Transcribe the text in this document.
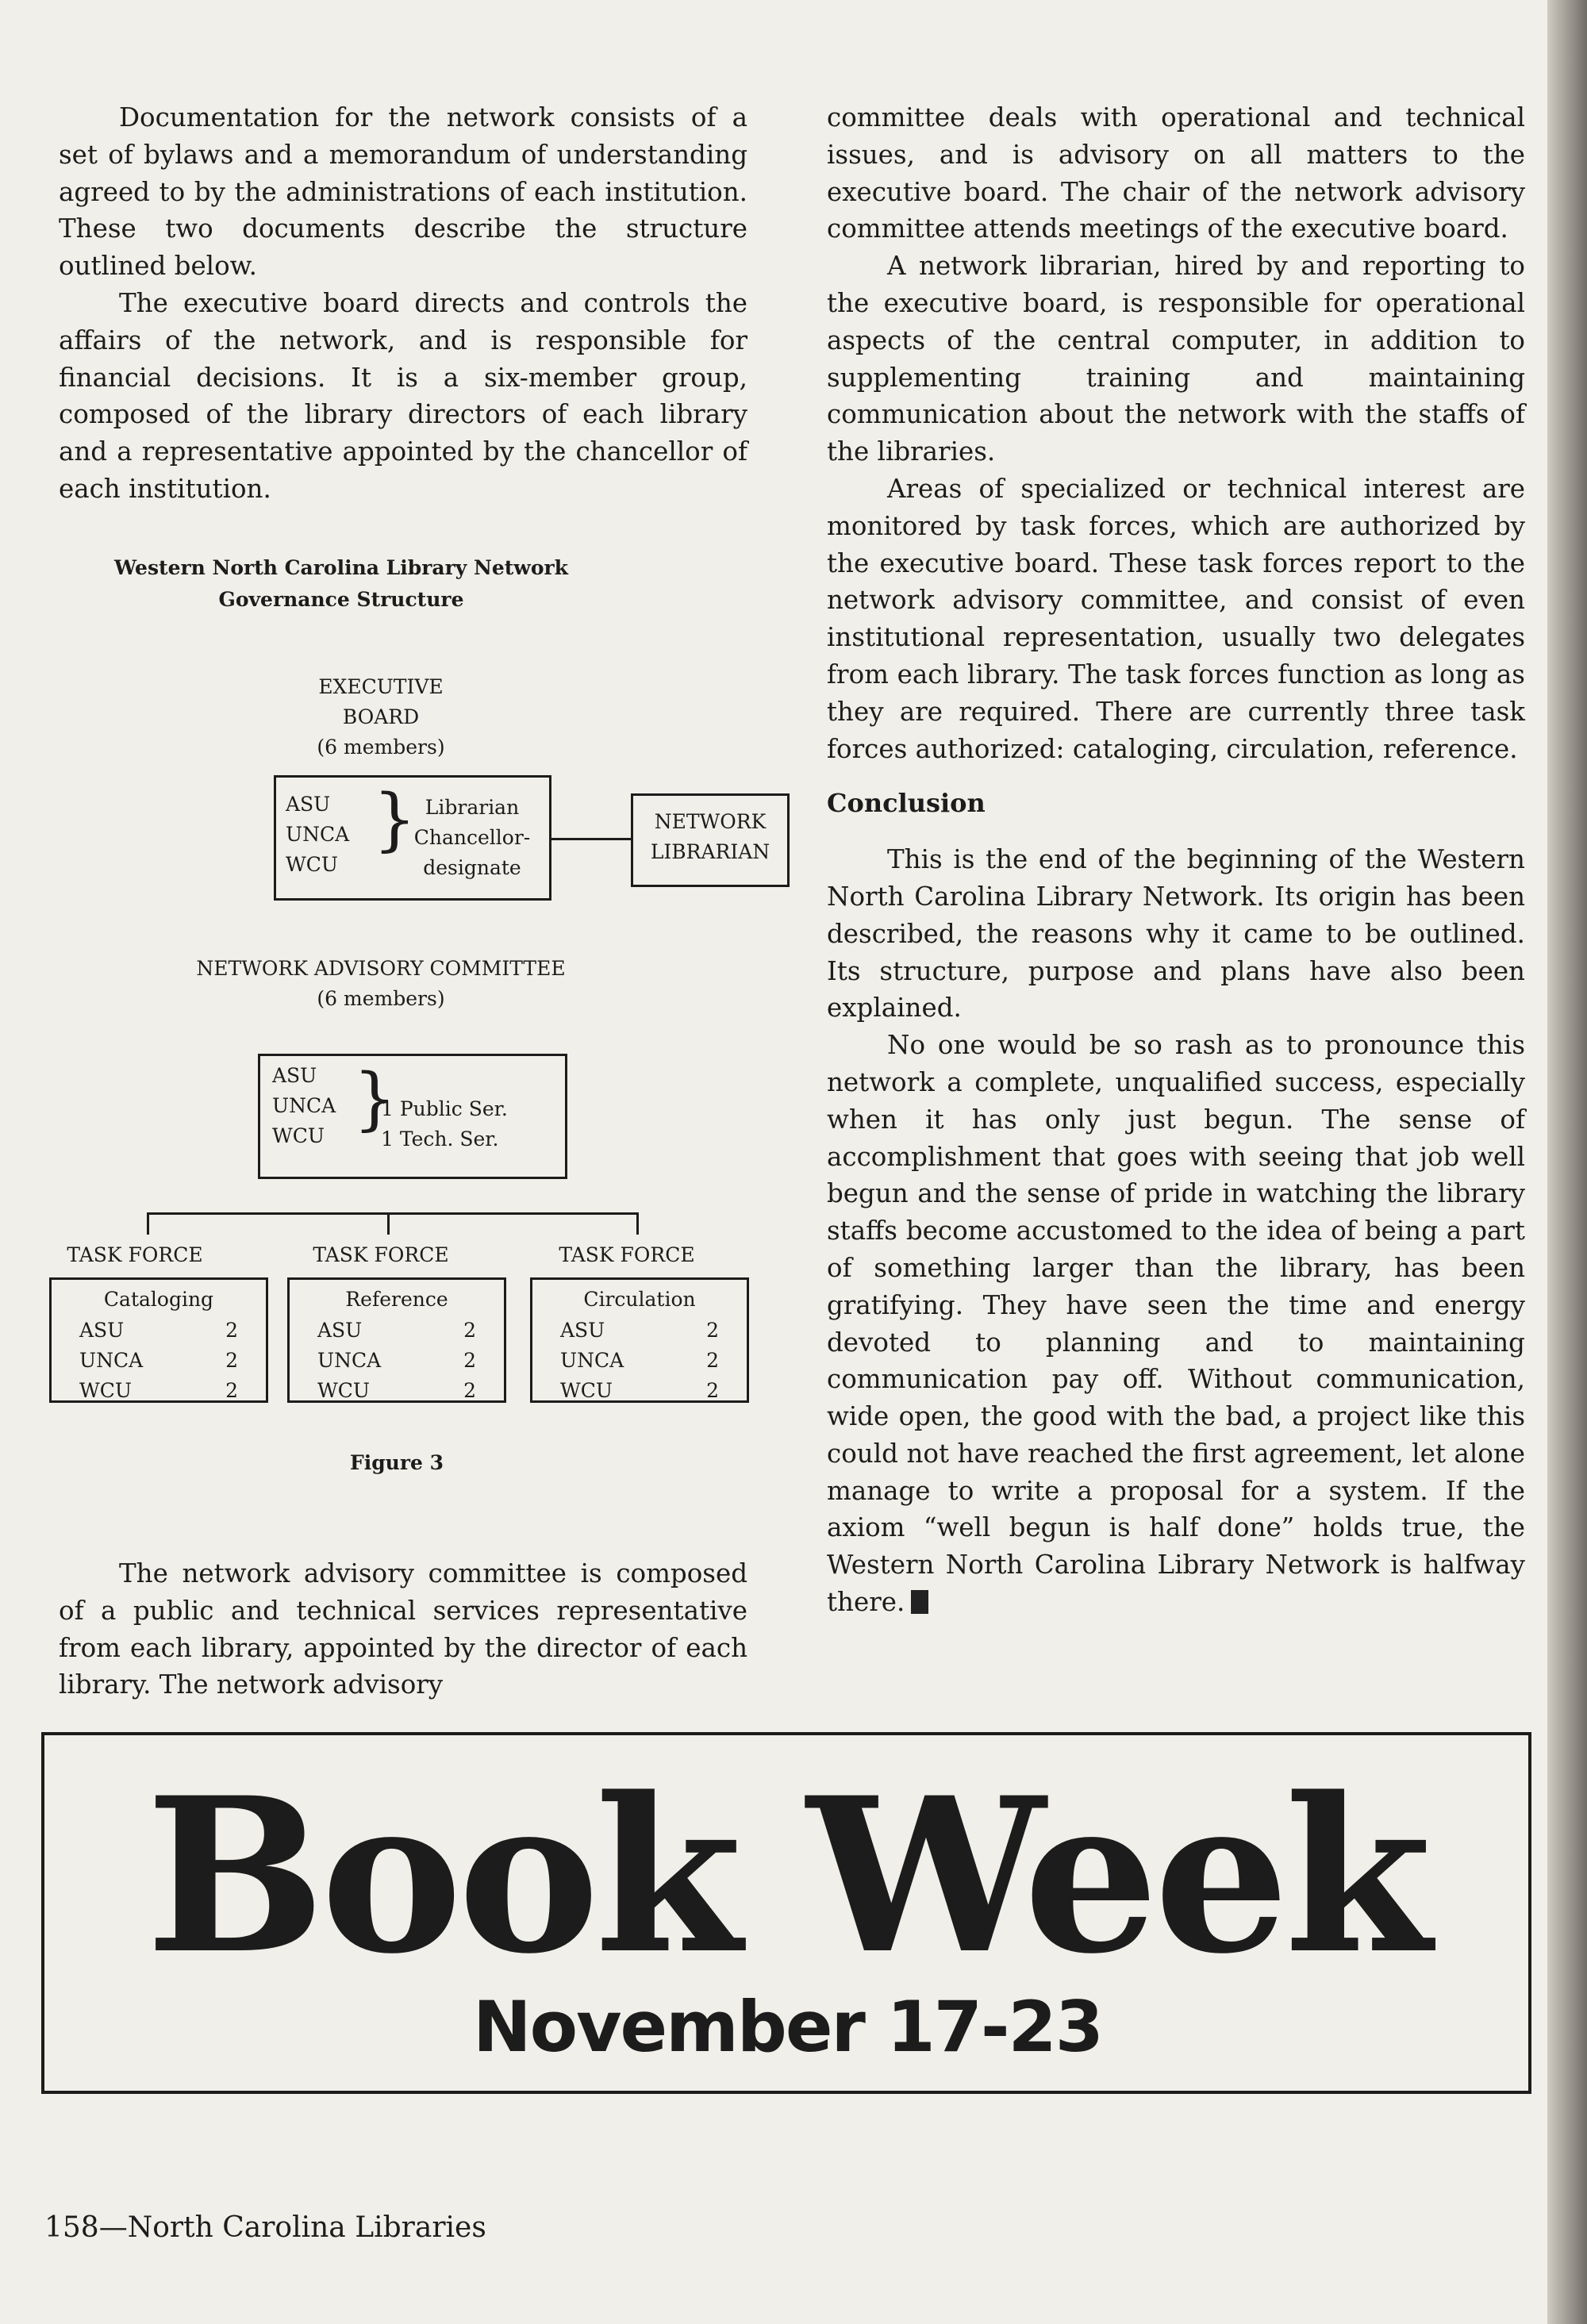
Documentation for the network consists of a set of bylaws and a memorandum of understanding agreed to by the administrations of each institution. These two documents describe the structure outlined below.

The executive board directs and controls the affairs of the network, and is responsible for financial decisions. It is a six-member group, composed of the library directors of each library and a representative appointed by the chancellor of each institution.

Western North Carolina Library Network
Governance Structure
EXECUTIVE
BOARD
(6 members)
ASU
UNCA
WCU
} Librarian
Chancellor-
designate
NETWORK
LIBRARIAN
NETWORK ADVISORY COMMITTEE
(6 members)
ASU
UNCA
WCU }
1 Public Ser.
1 Tech. Ser.
TASK FORCE	TASK FORCE	TASK FORCE
Cataloging
ASU	2
UNCA	2
WCU	2
Reference
ASU	2
UNCA	2
WCU	2
Circulation
ASU	2
UNCA	2
WCU	2
Figure 3

The network advisory committee is composed of a public and technical services representative from each library, appointed by the director of each library. The network advisory

committee deals with operational and technical issues, and is advisory on all matters to the executive board. The chair of the network advisory committee attends meetings of the executive board.

A network librarian, hired by and reporting to the executive board, is responsible for operational aspects of the central computer, in addition to supplementing training and maintaining communication about the network with the staffs of the libraries.

Areas of specialized or technical interest are monitored by task forces, which are authorized by the executive board. These task forces report to the network advisory committee, and consist of even institutional representation, usually two delegates from each library. The task forces function as long as they are required. There are currently three task forces authorized: cataloging, circulation, reference.

Conclusion

This is the end of the beginning of the Western North Carolina Library Network. Its origin has been described, the reasons why it came to be outlined. Its structure, purpose and plans have also been explained.

No one would be so rash as to pronounce this network a complete, unqualified success, especially when it has only just begun. The sense of accomplishment that goes with seeing that job well begun and the sense of pride in watching the library staffs become accustomed to the idea of being a part of something larger than the library, has been gratifying. They have seen the time and energy devoted to planning and to maintaining communication pay off. Without communication, wide open, the good with the bad, a project like this could not have reached the first agreement, let alone manage to write a proposal for a system. If the axiom “well begun is half done” holds true, the Western North Carolina Library Network is halfway there.

Book Week
November 17-23
158—North Carolina Libraries
